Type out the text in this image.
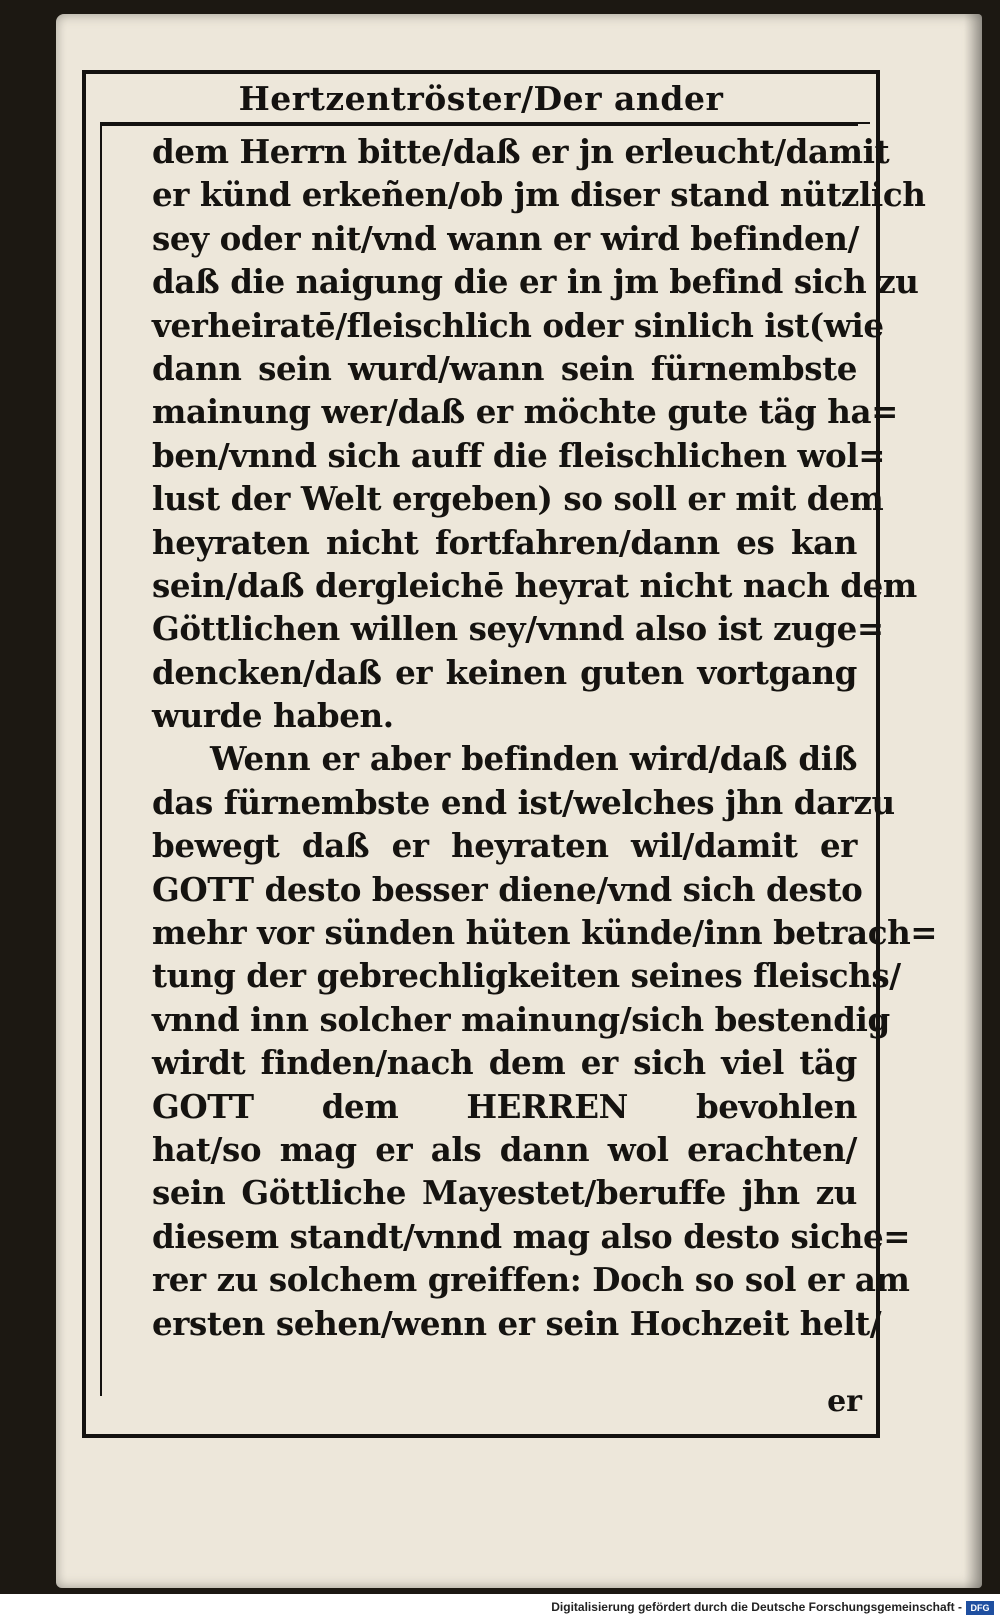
Hertzentröster/Der ander
dem Herrn bitte/daß er jn erleucht/damit
er künd erkeñen/ob jm diser stand nützlich
sey oder nit/vnd wann er wird befinden/
daß die naigung die er in jm befind sich zu
verheiratē/fleischlich oder sinlich ist(wie
dann sein wurd/wann sein fürnembste
mainung wer/daß er möchte gute täg ha=
ben/vnnd sich auff die fleischlichen wol=
lust der Welt ergeben) so soll er mit dem
heyraten nicht fortfahren/dann es kan
sein/daß dergleichē heyrat nicht nach dem
Göttlichen willen sey/vnnd also ist zuge=
dencken/daß er keinen guten vortgang
wurde haben.
Wenn er aber befinden wird/daß diß
das fürnembste end ist/welches jhn darzu
bewegt daß er heyraten wil/damit er
GOTT desto besser diene/vnd sich desto
mehr vor sünden hüten künde/inn betrach=
tung der gebrechligkeiten seines fleischs/
vnnd inn solcher mainung/sich bestendig
wirdt finden/nach dem er sich viel täg
GOTT dem HERREN bevohlen
hat/so mag er als dann wol erachten/
sein Göttliche Mayestet/beruffe jhn zu
diesem standt/vnnd mag also desto siche=
rer zu solchem greiffen: Doch so sol er am
ersten sehen/wenn er sein Hochzeit helt/
er
Digitalisierung gefördert durch die Deutsche Forschungsgemeinschaft - DFG
